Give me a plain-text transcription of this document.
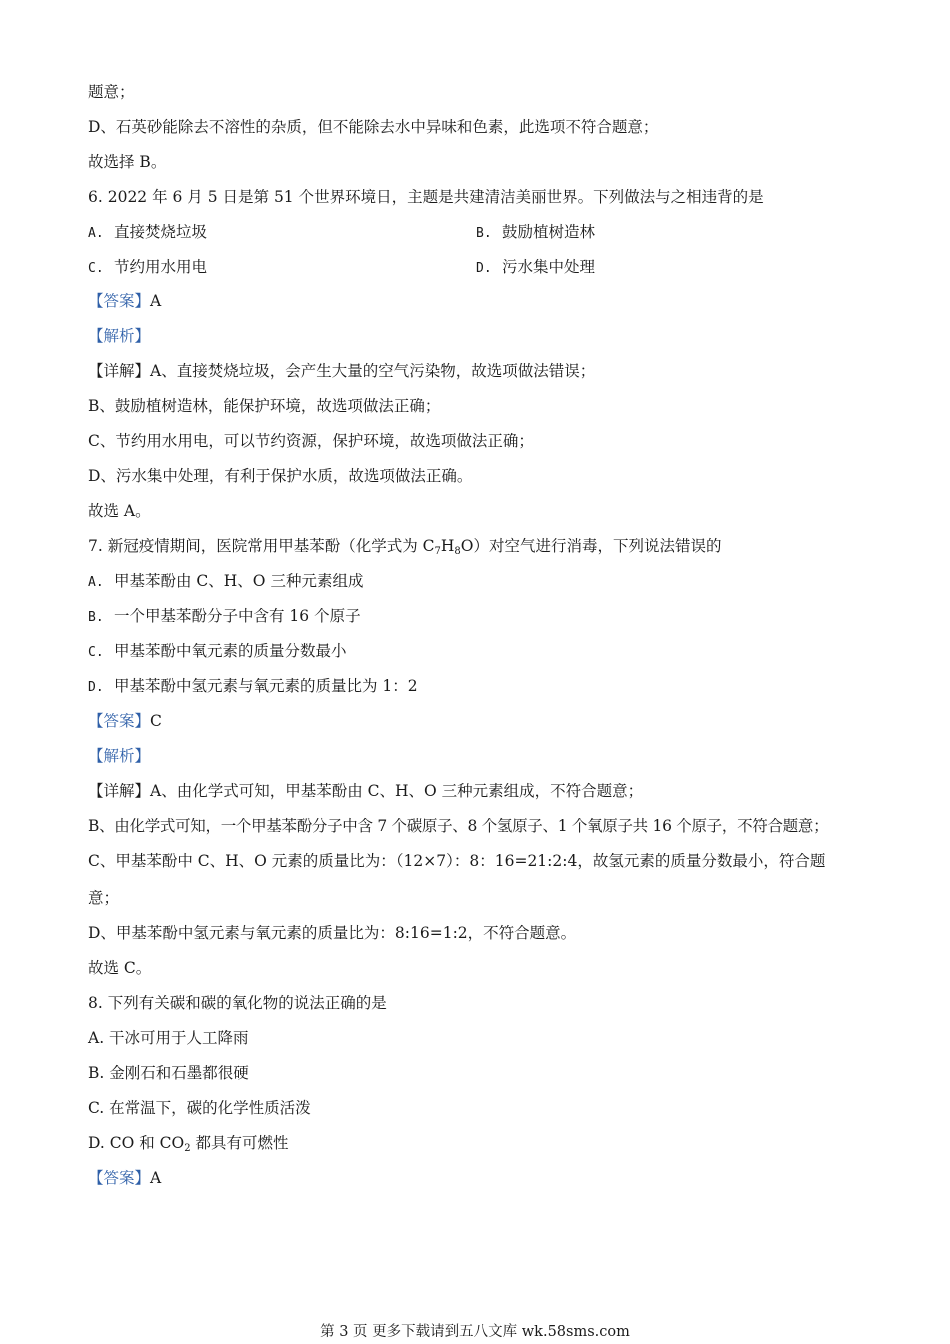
题意；
D、石英砂能除去不溶性的杂质，但不能除去水中异味和色素，此选项不符合题意；
故选择 B。
6. 2022 年 6 月 5 日是第 51 个世界环境日，主题是共建清洁美丽世界。下列做法与之相违背的是
A. 直接焚烧垃圾	B. 鼓励植树造林
C. 节约用水用电	D. 污水集中处理
【答案】A
【解析】
【详解】A、直接焚烧垃圾，会产生大量的空气污染物，故选项做法错误；
B、鼓励植树造林，能保护环境，故选项做法正确；
C、节约用水用电，可以节约资源，保护环境，故选项做法正确；
D、污水集中处理，有利于保护水质，故选项做法正确。
故选 A。
7. 新冠疫情期间，医院常用甲基苯酚（化学式为 $C_7H_8O$）对空气进行消毒，下列说法错误的
A. 甲基苯酚由 C、H、O 三种元素组成
B. 一个甲基苯酚分子中含有 16 个原子
C. 甲基苯酚中氧元素的质量分数最小
D. 甲基苯酚中氢元素与氧元素的质量比为 1：2
【答案】C
【解析】
【详解】A、由化学式可知，甲基苯酚由 C、H、O 三种元素组成，不符合题意；
B、由化学式可知，一个甲基苯酚分子中含 7 个碳原子、8 个氢原子、1 个氧原子共 16 个原子，不符合题意；
C、甲基苯酚中 C、H、O 元素的质量比为：（12×7）：8：16=21:2:4，故氢元素的质量分数最小，符合题
意；
D、甲基苯酚中氢元素与氧元素的质量比为：8:16=1:2，不符合题意。
故选 C。
8. 下列有关碳和碳的氧化物的说法正确的是
A. 干冰可用于人工降雨
B. 金刚石和石墨都很硬
C. 在常温下，碳的化学性质活泼
D. CO 和 $CO_2$ 都具有可燃性
【答案】A
第 3 页 更多下载请到五八文库 wk.58sms.com
